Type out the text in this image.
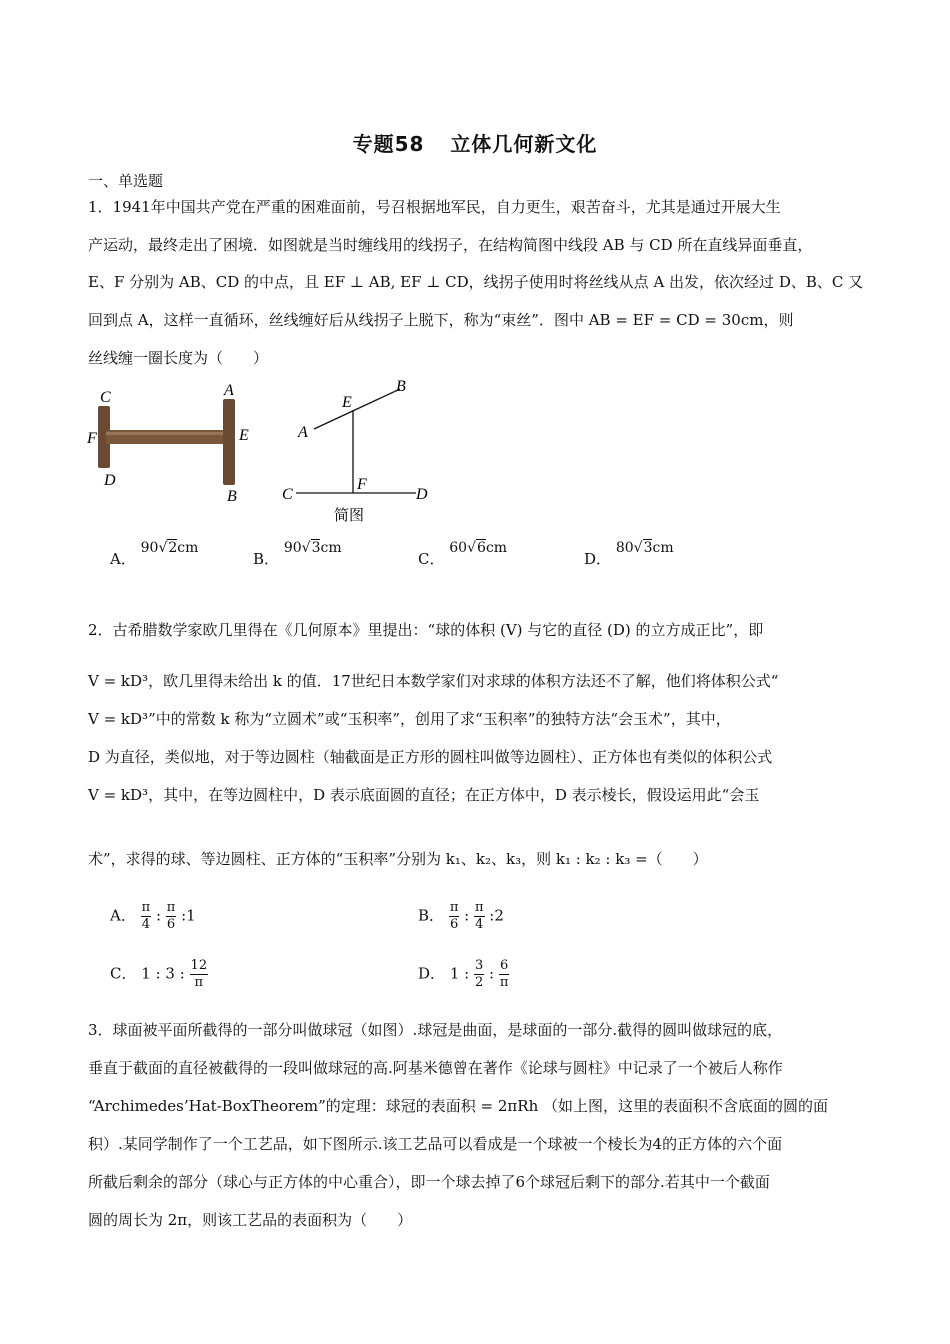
专题58 立体几何新文化
一、单选题
1．1941年中国共产党在严重的困难面前，号召根据地军民，自力更生，艰苦奋斗，尤其是通过开展大生
产运动，最终走出了困境．如图就是当时缠线用的线拐子，在结构简图中线段 AB 与 CD 所在直线异面垂直，
E、F 分别为 AB、CD 的中点，且 EF ⊥ AB, EF ⊥ CD，线拐子使用时将丝线从点 A 出发，依次经过 D、B、C 又
回到点 A，这样一直循环，丝线缠好后从线拐子上脱下，称为“束丝”．图中 AB = EF = CD = 30cm，则
丝线缠一圈长度为（　　）
C	A
F	E
D
B
B
E
A
C
F
D
简图
A． 90√2cm
B． 90√3cm
C． 60√6cm
D． 80√3cm
2．古希腊数学家欧几里得在《几何原本》里提出：“球的体积 (V) 与它的直径 (D) 的立方成正比”，即
V = kD³，欧几里得未给出 k 的值．17世纪日本数学家们对求球的体积方法还不了解，他们将体积公式“
V = kD³”中的常数 k 称为“立圆术”或“玉积率”，创用了求“玉积率”的独特方法“会玉术”，其中，
D 为直径，类似地，对于等边圆柱（轴截面是正方形的圆柱叫做等边圆柱）、正方体也有类似的体积公式
V = kD³，其中，在等边圆柱中，D 表示底面圆的直径；在正方体中，D 表示棱长，假设运用此“会玉
术”，求得的球、等边圆柱、正方体的“玉积率”分别为 k₁、k₂、k₃，则 k₁ : k₂ : k₃ =（　　）
A． $\frac{\pi}{4}$ : $\frac{\pi}{6}$ :1	B． $\frac{\pi}{6}$ : $\frac{\pi}{4}$ :2
C． 1 : 3 : $\frac{12}{\pi}$	D． 1 : $\frac{3}{2}$ : $\frac{6}{\pi}$
3．球面被平面所截得的一部分叫做球冠（如图）.球冠是曲面，是球面的一部分.截得的圆叫做球冠的底，
垂直于截面的直径被截得的一段叫做球冠的高.阿基米德曾在著作《论球与圆柱》中记录了一个被后人称作
“Archimedes’Hat-BoxTheorem”的定理：球冠的表面积 = 2πRh （如上图，这里的表面积不含底面的圆的面
积）.某同学制作了一个工艺品，如下图所示.该工艺品可以看成是一个球被一个棱长为4的正方体的六个面
所截后剩余的部分（球心与正方体的中心重合），即一个球去掉了6个球冠后剩下的部分.若其中一个截面
圆的周长为 2π，则该工艺品的表面积为（　　）
